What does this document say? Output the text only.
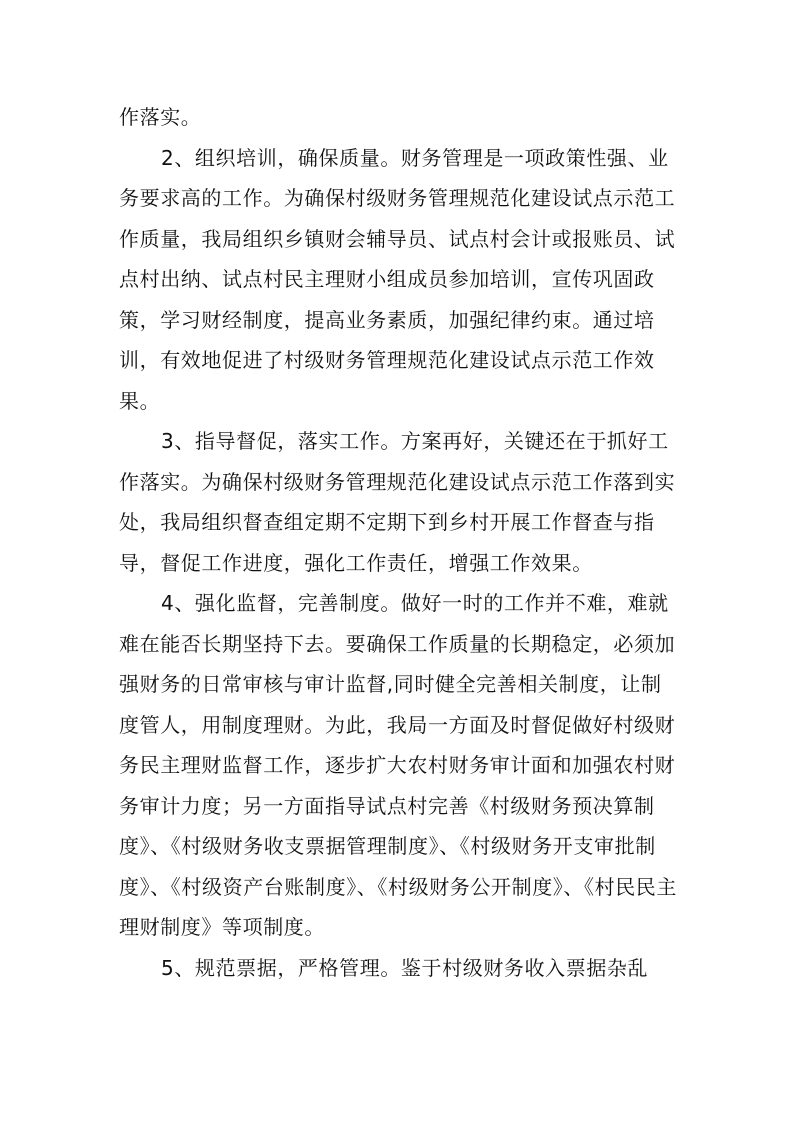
作落实。

2、组织培训，确保质量。财务管理是一项政策性强、业务要求高的工作。为确保村级财务管理规范化建设试点示范工作质量，我局组织乡镇财会辅导员、试点村会计或报账员、试点村出纳、试点村民主理财小组成员参加培训，宣传巩固政策，学习财经制度，提高业务素质，加强纪律约束。通过培训，有效地促进了村级财务管理规范化建设试点示范工作效果。

3、指导督促，落实工作。方案再好，关键还在于抓好工作落实。为确保村级财务管理规范化建设试点示范工作落到实处，我局组织督查组定期不定期下到乡村开展工作督查与指导，督促工作进度，强化工作责任，增强工作效果。

4、强化监督，完善制度。做好一时的工作并不难，难就难在能否长期坚持下去。要确保工作质量的长期稳定，必须加强财务的日常审核与审计监督,同时健全完善相关制度，让制度管人，用制度理财。为此，我局一方面及时督促做好村级财务民主理财监督工作，逐步扩大农村财务审计面和加强农村财务审计力度；另一方面指导试点村完善《村级财务预决算制度》、《村级财务收支票据管理制度》、《村级财务开支审批制度》、《村级资产台账制度》、《村级财务公开制度》、《村民民主理财制度》等项制度。

5、规范票据，严格管理。鉴于村级财务收入票据杂乱
